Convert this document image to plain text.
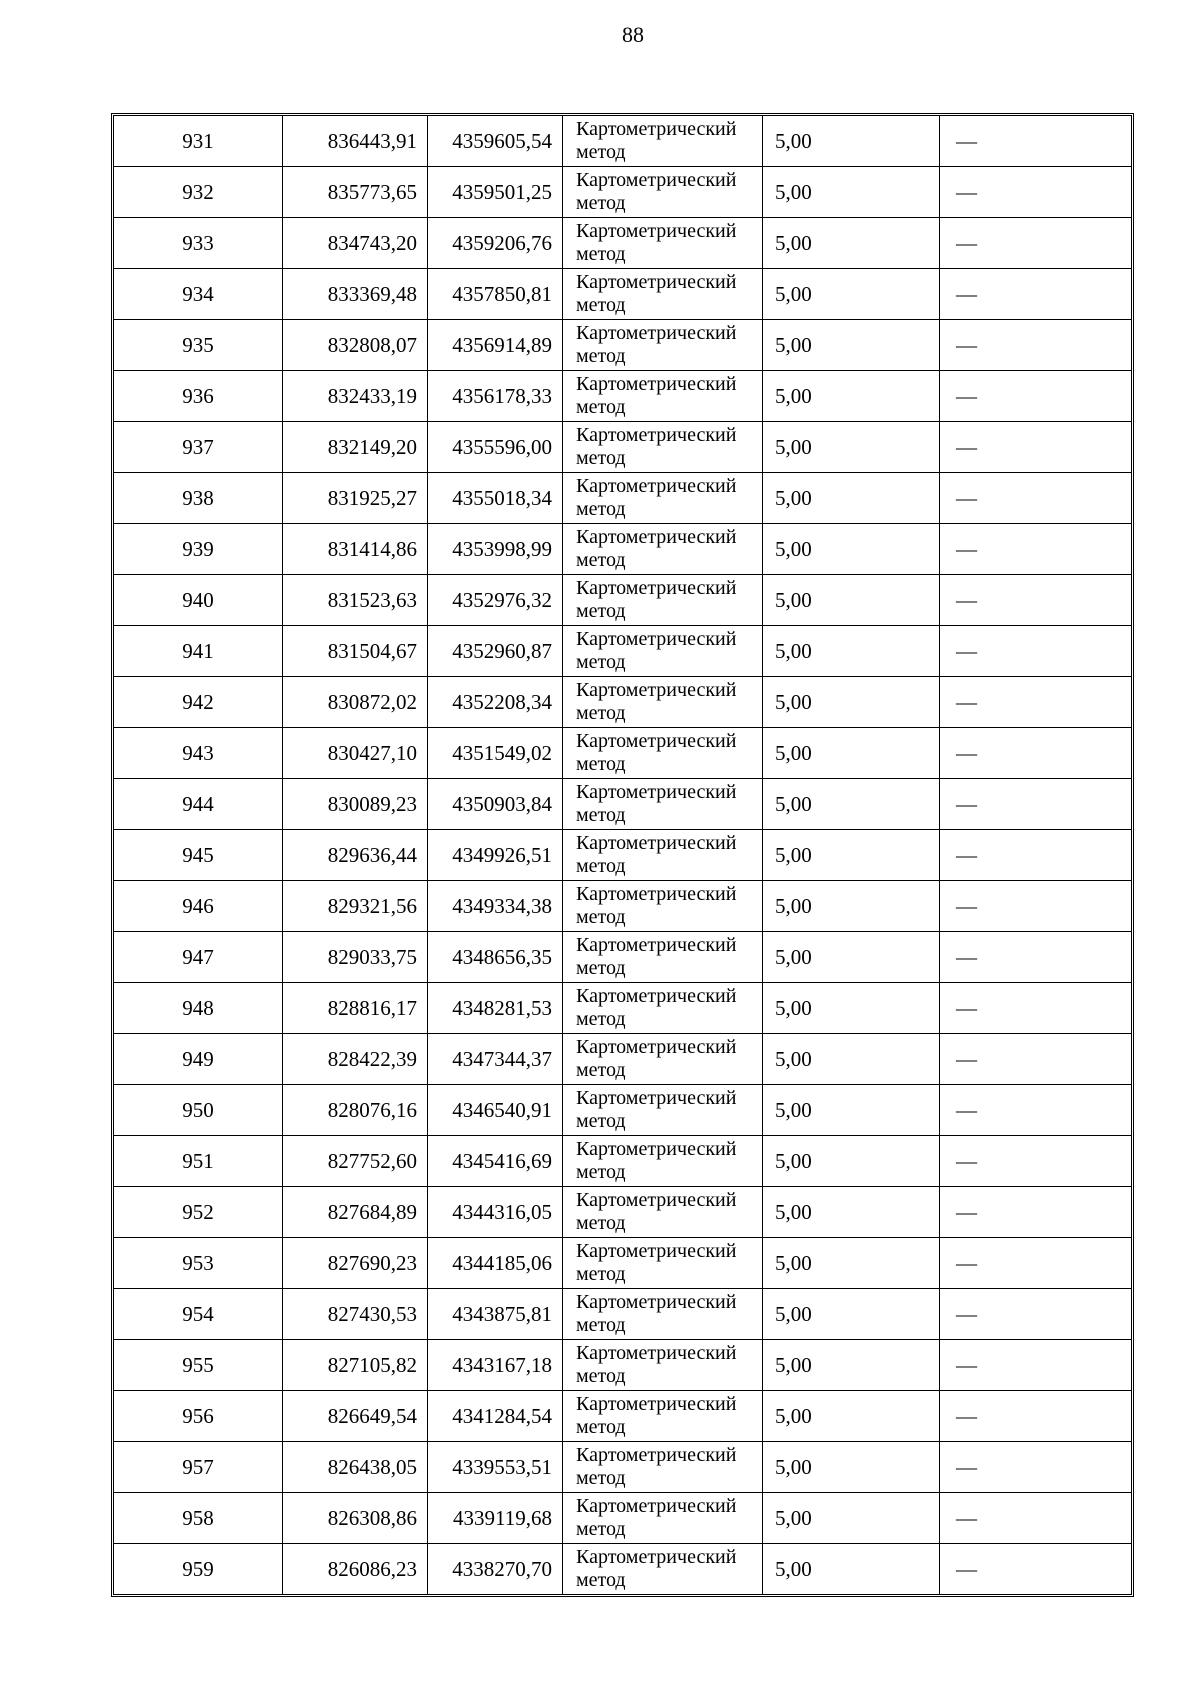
88
931	836443,91	4359605,54	Картометрический метод	5,00	—
932	835773,65	4359501,25	Картометрический метод	5,00	—
933	834743,20	4359206,76	Картометрический метод	5,00	—
934	833369,48	4357850,81	Картометрический метод	5,00	—
935	832808,07	4356914,89	Картометрический метод	5,00	—
936	832433,19	4356178,33	Картометрический метод	5,00	—
937	832149,20	4355596,00	Картометрический метод	5,00	—
938	831925,27	4355018,34	Картометрический метод	5,00	—
939	831414,86	4353998,99	Картометрический метод	5,00	—
940	831523,63	4352976,32	Картометрический метод	5,00	—
941	831504,67	4352960,87	Картометрический метод	5,00	—
942	830872,02	4352208,34	Картометрический метод	5,00	—
943	830427,10	4351549,02	Картометрический метод	5,00	—
944	830089,23	4350903,84	Картометрический метод	5,00	—
945	829636,44	4349926,51	Картометрический метод	5,00	—
946	829321,56	4349334,38	Картометрический метод	5,00	—
947	829033,75	4348656,35	Картометрический метод	5,00	—
948	828816,17	4348281,53	Картометрический метод	5,00	—
949	828422,39	4347344,37	Картометрический метод	5,00	—
950	828076,16	4346540,91	Картометрический метод	5,00	—
951	827752,60	4345416,69	Картометрический метод	5,00	—
952	827684,89	4344316,05	Картометрический метод	5,00	—
953	827690,23	4344185,06	Картометрический метод	5,00	—
954	827430,53	4343875,81	Картометрический метод	5,00	—
955	827105,82	4343167,18	Картометрический метод	5,00	—
956	826649,54	4341284,54	Картометрический метод	5,00	—
957	826438,05	4339553,51	Картометрический метод	5,00	—
958	826308,86	4339119,68	Картометрический метод	5,00	—
959	826086,23	4338270,70	Картометрический метод	5,00	—
